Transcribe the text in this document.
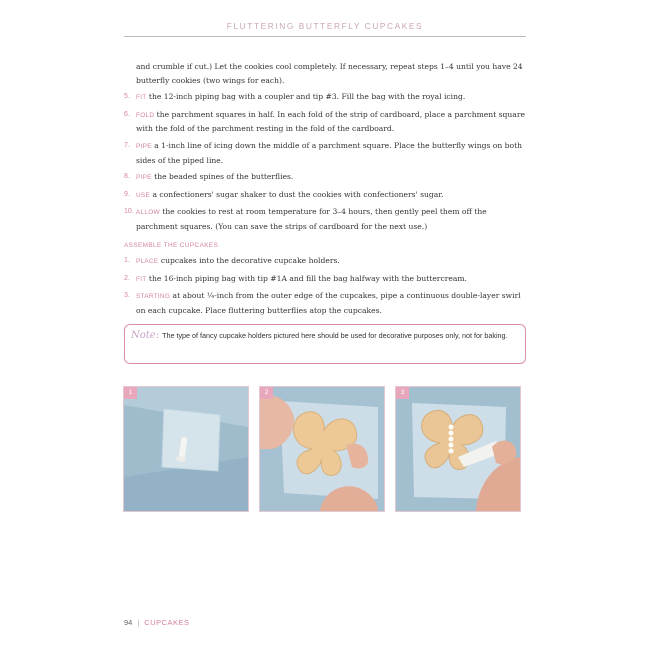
FLUTTERING BUTTERFLY CUPCAKES

and crumble if cut.) Let the cookies cool completely. If necessary, repeat steps 1–4 until you have 24 butterfly cookies (two wings for each).

5. FIT the 12-inch piping bag with a coupler and tip #3. Fill the bag with the royal icing.
6. FOLD the parchment squares in half. In each fold of the strip of cardboard, place a parchment square with the fold of the parchment resting in the fold of the cardboard.
7. PIPE a 1-inch line of icing down the middle of a parchment square. Place the butterfly wings on both sides of the piped line.
8. PIPE the beaded spines of the butterflies.
9. USE a confectioners' sugar shaker to dust the cookies with confectioners' sugar.
10. ALLOW the cookies to rest at room temperature for 3–4 hours, then gently peel them off the parchment squares. (You can save the strips of cardboard for the next use.)
ASSEMBLE THE CUPCAKES
1. PLACE cupcakes into the decorative cupcake holders.
2. FIT the 16-inch piping bag with tip #1A and fill the bag halfway with the buttercream.
3. STARTING at about ¼-inch from the outer edge of the cupcakes, pipe a continuous double-layer swirl on each cupcake. Place fluttering butterflies atop the cupcakes.
Note: The type of fancy cupcake holders pictured here should be used for decorative purposes only, not for baking.
1	2	3
94 | CUPCAKES
